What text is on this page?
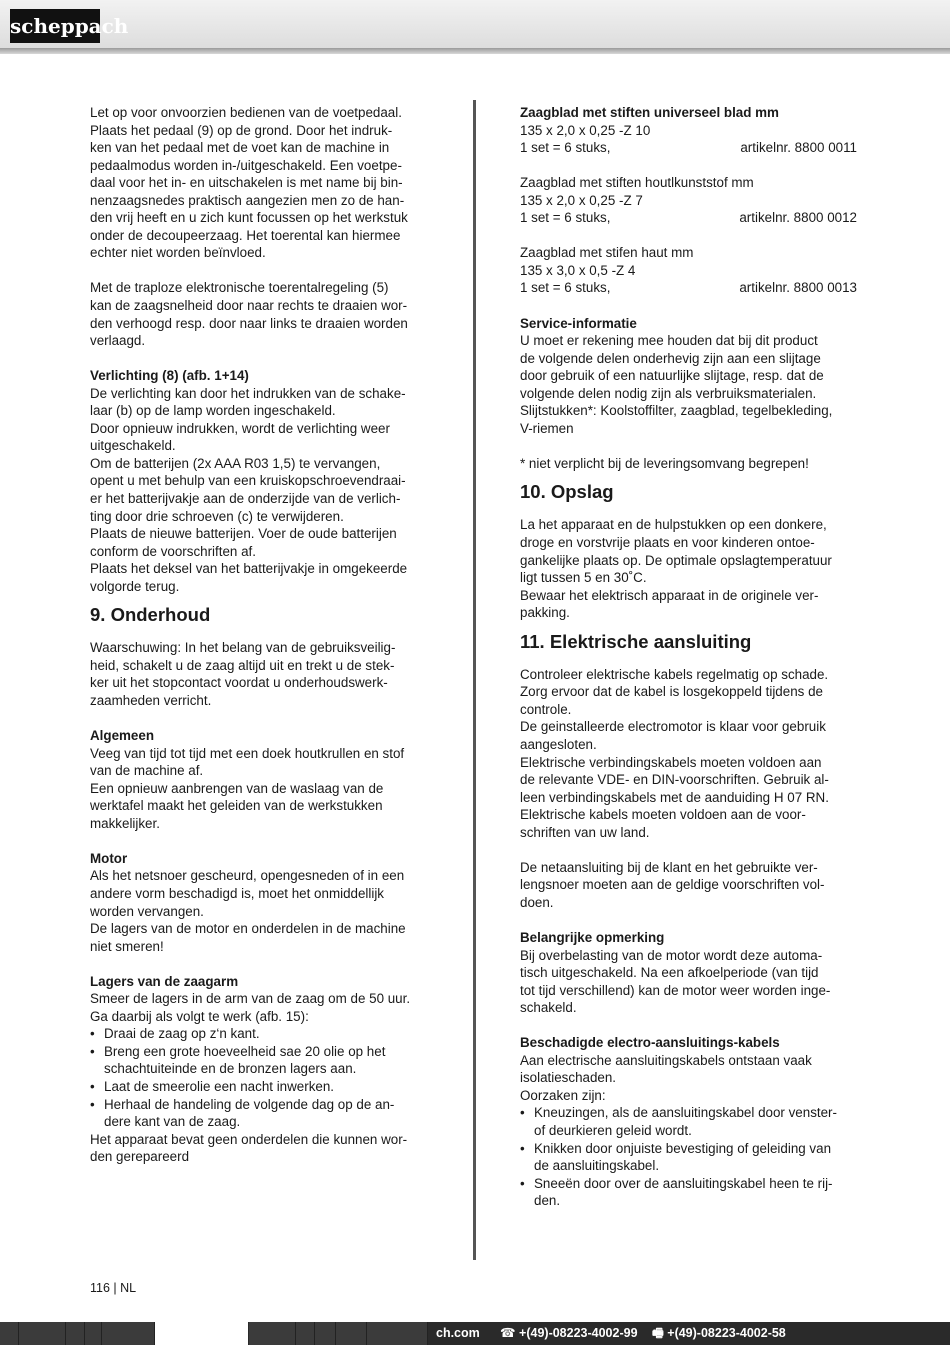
scheppach

Let op voor onvoorzien bedienen van de voetpedaal.

Plaats het pedaal (9) op de grond. Door het indruk-

ken van het pedaal met de voet kan de machine in

pedaalmodus worden in-/uitgeschakeld. Een voetpe-

daal voor het in- en uitschakelen is met name bij bin-

nenzaagsnedes praktisch aangezien men zo de han-

den vrij heeft en u zich kunt focussen op het werkstuk

onder de decoupeerzaag. Het toerental kan hiermee

echter niet worden beïnvloed.

Met de traploze elektronische toerentalregeling (5)

kan de zaagsnelheid door naar rechts te draaien wor-

den verhoogd resp. door naar links te draaien worden

verlaagd.

Verlichting (8) (afb. 1+14)

De verlichting kan door het indrukken van de schake-

laar (b) op de lamp worden ingeschakeld.

Door opnieuw indrukken, wordt de verlichting weer

uitgeschakeld.

Om de batterijen (2x AAA R03 1,5) te vervangen,

opent u met behulp van een kruiskopschroevendraai-

er het batterijvakje aan de onderzijde van de verlich-

ting door drie schroeven (c) te verwijderen.

Plaats de nieuwe batterijen. Voer de oude batterijen

conform de voorschriften af.

Plaats het deksel van het batterijvakje in omgekeerde

volgorde terug.

9. Onderhoud

Waarschuwing: In het belang van de gebruiksveilig-

heid, schakelt u de zaag altijd uit en trekt u de stek-

ker uit het stopcontact voordat u onderhoudswerk-

zaamheden verricht.

Algemeen

Veeg van tijd tot tijd met een doek houtkrullen en stof

van de machine af.

Een opnieuw aanbrengen van de waslaag van de

werktafel maakt het geleiden van de werkstukken

makkelijker.

Motor

Als het netsnoer gescheurd, opengesneden of in een

andere vorm beschadigd is, moet het onmiddellijk

worden vervangen.

De lagers van de motor en onderdelen in de machine

niet smeren!

Lagers van de zaagarm

Smeer de lagers in de arm van de zaag om de 50 uur.

Ga daarbij als volgt te werk (afb. 15):

• Draai de zaag op z‘n kant.
• Breng een grote hoeveelheid sae 20 olie op het
schachtuiteinde en de bronzen lagers aan.
• Laat de smeerolie een nacht inwerken.
• Herhaal de handeling de volgende dag op de an-
dere kant van de zaag.

Het apparaat bevat geen onderdelen die kunnen wor-

den gerepareerd

Zaagblad met stiften universeel blad mm

135 x 2,0 x 0,25 -Z 10

1 set = 6 stuks,	artikelnr. 8800 0011

Zaagblad met stiften houtlkunststof mm

135 x 2,0 x 0,25 -Z 7

1 set = 6 stuks,	artikelnr. 8800 0012

Zaagblad met stifen haut mm

135 x 3,0 x 0,5 -Z 4

1 set = 6 stuks,	artikelnr. 8800 0013

Service-informatie

U moet er rekening mee houden dat bij dit product

de volgende delen onderhevig zijn aan een slijtage

door gebruik of een natuurlijke slijtage, resp. dat de

volgende delen nodig zijn als verbruiksmaterialen.

Slijtstukken*: Koolstoffilter, zaagblad, tegelbekleding,

V-riemen

* niet verplicht bij de leveringsomvang begrepen!

10. Opslag

La het apparaat en de hulpstukken op een donkere,

droge en vorstvrije plaats en voor kinderen ontoe-

gankelijke plaats op. De optimale opslagtemperatuur

ligt tussen 5 en 30˚C.

Bewaar het elektrisch apparaat in de originele ver-

pakking.

11. Elektrische aansluiting

Controleer elektrische kabels regelmatig op schade.

Zorg ervoor dat de kabel is losgekoppeld tijdens de

controle.

De geinstalleerde electromotor is klaar voor gebruik

aangesloten.

Elektrische verbindingskabels moeten voldoen aan

de relevante VDE- en DIN-voorschriften. Gebruik al-

leen verbindingskabels met de aanduiding H 07 RN.

Elektrische kabels moeten voldoen aan de voor-

schriften van uw land.

De netaansluiting bij de klant en het gebruikte ver-

lengsnoer moeten aan de geldige voorschriften vol-

doen.

Belangrijke opmerking

Bij overbelasting van de motor wordt deze automa-

tisch uitgeschakeld. Na een afkoelperiode (van tijd

tot tijd verschillend) kan de motor weer worden inge-

schakeld.

Beschadigde electro-aansluitings-kabels

Aan electrische aansluitingskabels ontstaan vaak

isolatieschaden.

Oorzaken zijn:

• Kneuzingen, als de aansluitingskabel door venster-
of deurkieren geleid wordt.
• Knikken door onjuiste bevestiging of geleiding van
de aansluitingskabel.
• Sneeën door over de aansluitingskabel heen te rij-
den.
116 | NL
ch.com ☎ +(49)-08223-4002-99 🖷 +(49)-08223-4002-58
